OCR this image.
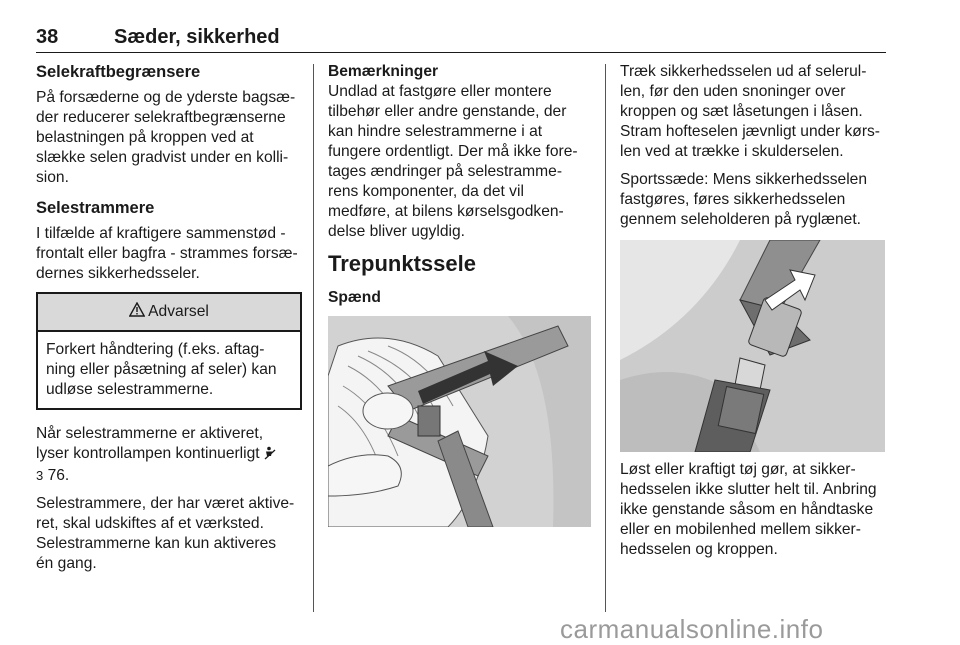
38	Sæder, sikkerhed
Selekraftbegrænsere

På forsæderne og de yderste bagsæ-
der reducerer selekraftbegrænserne
belastningen på kroppen ved at
slække selen gradvist under en kolli-
sion.

Selestrammere

I tilfælde af kraftigere sammenstød -
frontalt eller bagfra - strammes forsæ-
dernes sikkerhedsseler.

Advarsel
Forkert håndtering (f.eks. aftag-
ning eller påsætning af seler) kan
udløse selestrammerne.

Når selestrammerne er aktiveret,
lyser kontrollampen kontinuerligt
3 76.

Selestrammere, der har været aktive-
ret, skal udskiftes af et værksted.
Selestrammerne kan kun aktiveres
én gang.

Bemærkninger

Undlad at fastgøre eller montere
tilbehør eller andre genstande, der
kan hindre selestrammerne i at
fungere ordentligt. Der må ikke fore-
tages ændringer på selestramme-
rens komponenter, da det vil
medføre, at bilens kørselsgodken-
delse bliver ugyldig.

Trepunktssele
Spænd

Træk sikkerhedsselen ud af selerul-
len, før den uden snoninger over
kroppen og sæt låsetungen i låsen.
Stram hofteselen jævnligt under kørs-
len ved at trække i skulderselen.

Sportssæde: Mens sikkerhedsselen
fastgøres, føres sikkerhedsselen
gennem seleholderen på ryglænet.

Løst eller kraftigt tøj gør, at sikker-
hedsselen ikke slutter helt til. Anbring
ikke genstande såsom en håndtaske
eller en mobilenhed mellem sikker-
hedsselen og kroppen.

carmanualsonline.info
